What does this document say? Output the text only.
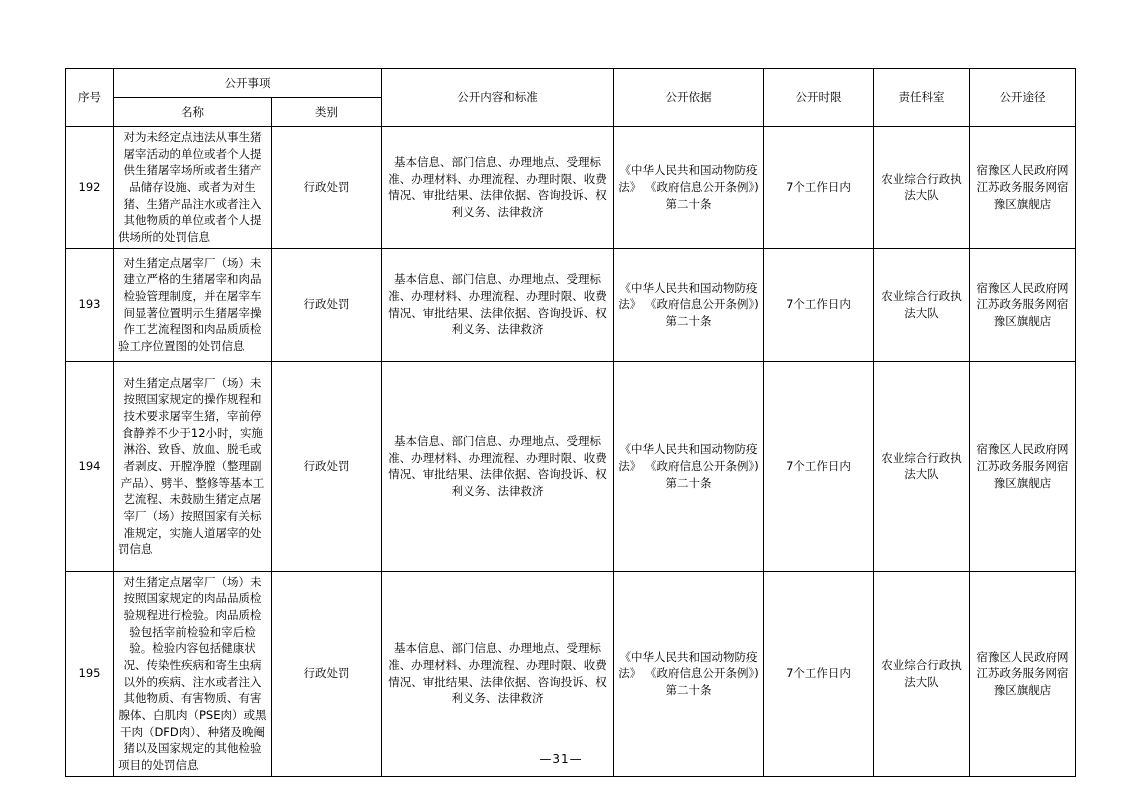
序号	公开事项		公开内容和标准	公开依据	公开时限	责任科室	公开途径
	名称	类别					
192	对为未经定点违法从事生猪屠宰活动的单位或者个人提供生猪屠宰场所或者生猪产品储存设施、或者为对生猪、生猪产品注水或者注入其他物质的单位或者个人提供场所的处罚信息	行政处罚	基本信息、部门信息、办理地点、受理标准、办理材料、办理流程、办理时限、收费情况、审批结果、法律依据、咨询投诉、权利义务、法律救济	《中华人民共和国动物防疫法》 《政府信息公开条例》)第二十条	7个工作日内	农业综合行政执法大队	宿豫区人民政府网江苏政务服务网宿豫区旗舰店
193	对生猪定点屠宰厂（场）未建立严格的生猪屠宰和肉品检验管理制度，并在屠宰车间显著位置明示生猪屠宰操作工艺流程图和肉品质质检验工序位置图的处罚信息	行政处罚	基本信息、部门信息、办理地点、受理标准、办理材料、办理流程、办理时限、收费情况、审批结果、法律依据、咨询投诉、权利义务、法律救济	《中华人民共和国动物防疫法》 《政府信息公开条例》)第二十条	7个工作日内	农业综合行政执法大队	宿豫区人民政府网江苏政务服务网宿豫区旗舰店
194	对生猪定点屠宰厂（场）未按照国家规定的操作规程和技术要求屠宰生猪，宰前停食静养不少于12小时，实施淋浴、致昏、放血、脱毛或者剥皮、开膛净膛（整理副产品）、劈半、整修等基本工艺流程、未鼓励生猪定点屠宰厂（场）按照国家有关标准规定，实施人道屠宰的处罚信息	行政处罚	基本信息、部门信息、办理地点、受理标准、办理材料、办理流程、办理时限、收费情况、审批结果、法律依据、咨询投诉、权利义务、法律救济	《中华人民共和国动物防疫法》 《政府信息公开条例》)第二十条	7个工作日内	农业综合行政执法大队	宿豫区人民政府网江苏政务服务网宿豫区旗舰店
195	对生猪定点屠宰厂（场）未按照国家规定的肉品品质检验规程进行检验。肉品质检验包括宰前检验和宰后检验。检验内容包括健康状况、传染性疾病和寄生虫病以外的疾病、注水或者注入其他物质、有害物质、有害腺体、白肌肉（PSE肉）或黑干肉（DFD肉）、种猪及晚阉猪以及国家规定的其他检验项目的处罚信息	行政处罚	基本信息、部门信息、办理地点、受理标准、办理材料、办理流程、办理时限、收费情况、审批结果、法律依据、咨询投诉、权利义务、法律救济	《中华人民共和国动物防疫法》 《政府信息公开条例》)第二十条	7个工作日内	农业综合行政执法大队	宿豫区人民政府网江苏政务服务网宿豫区旗舰店
—31—
